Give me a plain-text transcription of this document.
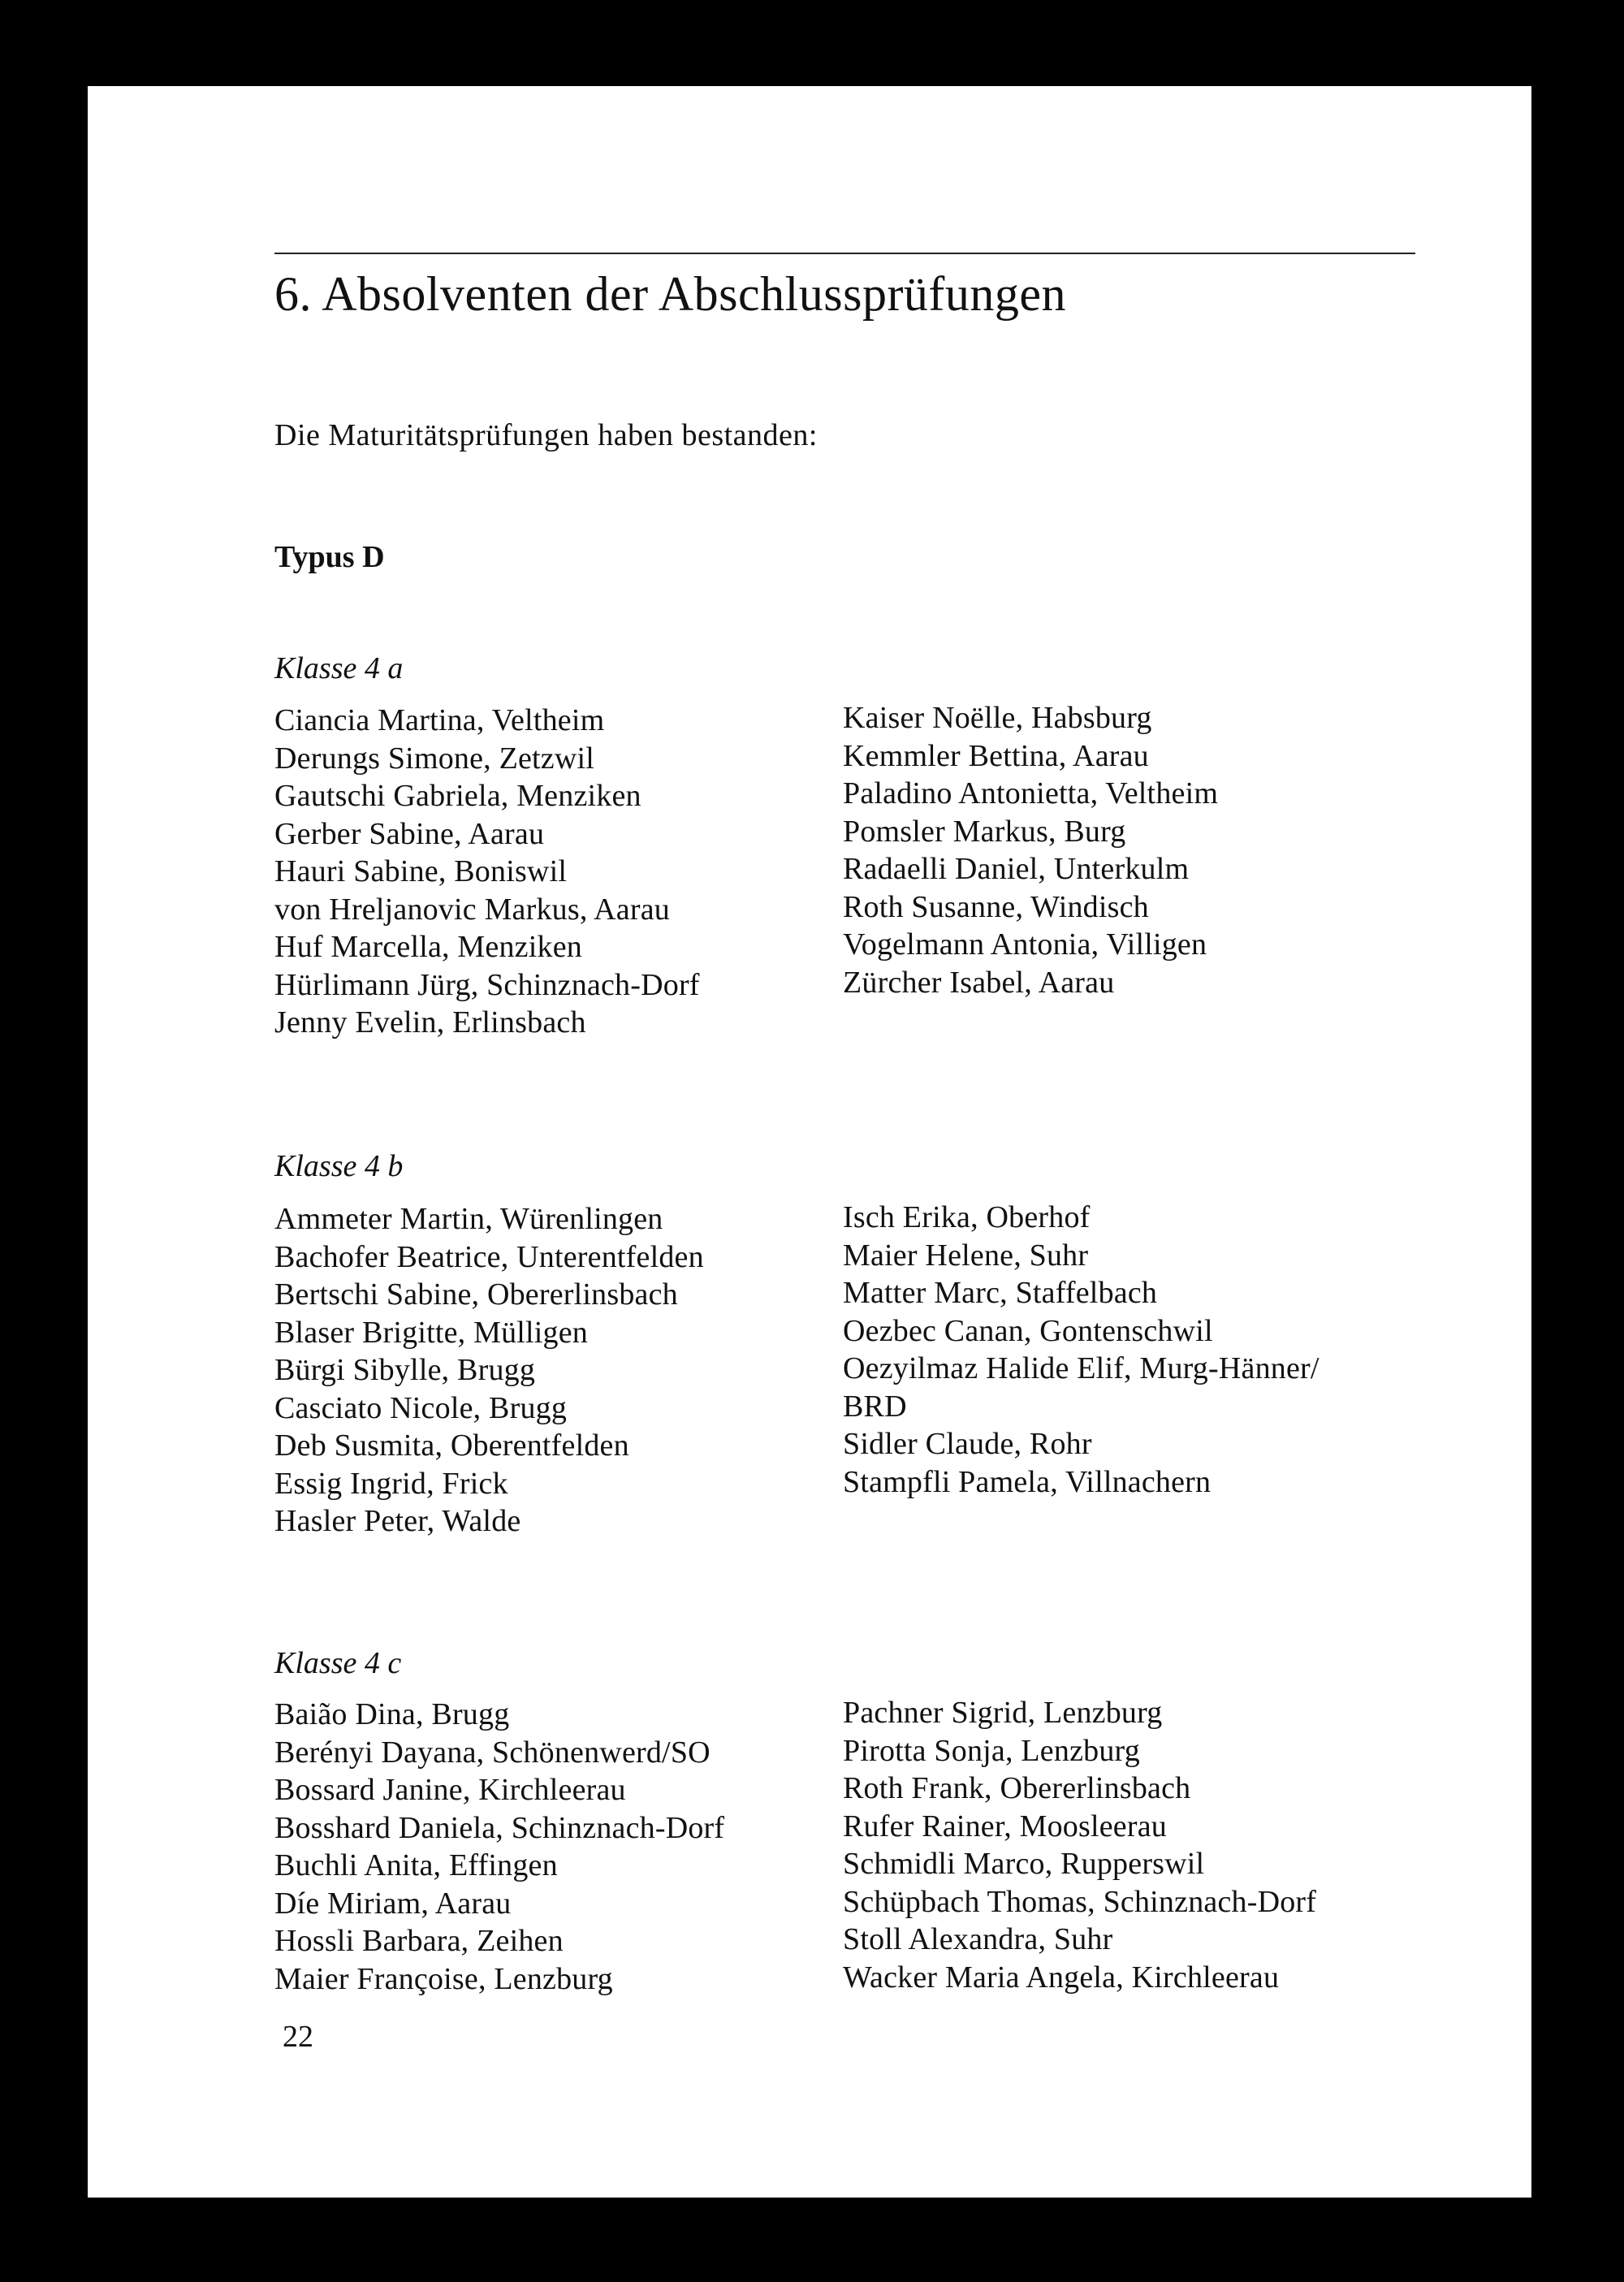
6. Absolventen der Abschlussprüfungen

Die Maturitätsprüfungen haben bestanden:

Typus D
Klasse 4 a
Ciancia Martina, Veltheim
Derungs Simone, Zetzwil
Gautschi Gabriela, Menziken
Gerber Sabine, Aarau
Hauri Sabine, Boniswil
von Hreljanovic Markus, Aarau
Huf Marcella, Menziken
Hürlimann Jürg, Schinznach-Dorf
Jenny Evelin, Erlinsbach
Kaiser Noëlle, Habsburg
Kemmler Bettina, Aarau
Paladino Antonietta, Veltheim
Pomsler Markus, Burg
Radaelli Daniel, Unterkulm
Roth Susanne, Windisch
Vogelmann Antonia, Villigen
Zürcher Isabel, Aarau
Klasse 4 b
Ammeter Martin, Würenlingen
Bachofer Beatrice, Unterentfelden
Bertschi Sabine, Obererlinsbach
Blaser Brigitte, Mülligen
Bürgi Sibylle, Brugg
Casciato Nicole, Brugg
Deb Susmita, Oberentfelden
Essig Ingrid, Frick
Hasler Peter, Walde
Isch Erika, Oberhof
Maier Helene, Suhr
Matter Marc, Staffelbach
Oezbec Canan, Gontenschwil
Oezyilmaz Halide Elif, Murg-Hänner/
BRD
Sidler Claude, Rohr
Stampfli Pamela, Villnachern
Klasse 4 c
Baião Dina, Brugg
Berényi Dayana, Schönenwerd/SO
Bossard Janine, Kirchleerau
Bosshard Daniela, Schinznach-Dorf
Buchli Anita, Effingen
Díe Miriam, Aarau
Hossli Barbara, Zeihen
Maier Françoise, Lenzburg
Pachner Sigrid, Lenzburg
Pirotta Sonja, Lenzburg
Roth Frank, Obererlinsbach
Rufer Rainer, Moosleerau
Schmidli Marco, Rupperswil
Schüpbach Thomas, Schinznach-Dorf
Stoll Alexandra, Suhr
Wacker Maria Angela, Kirchleerau
22
